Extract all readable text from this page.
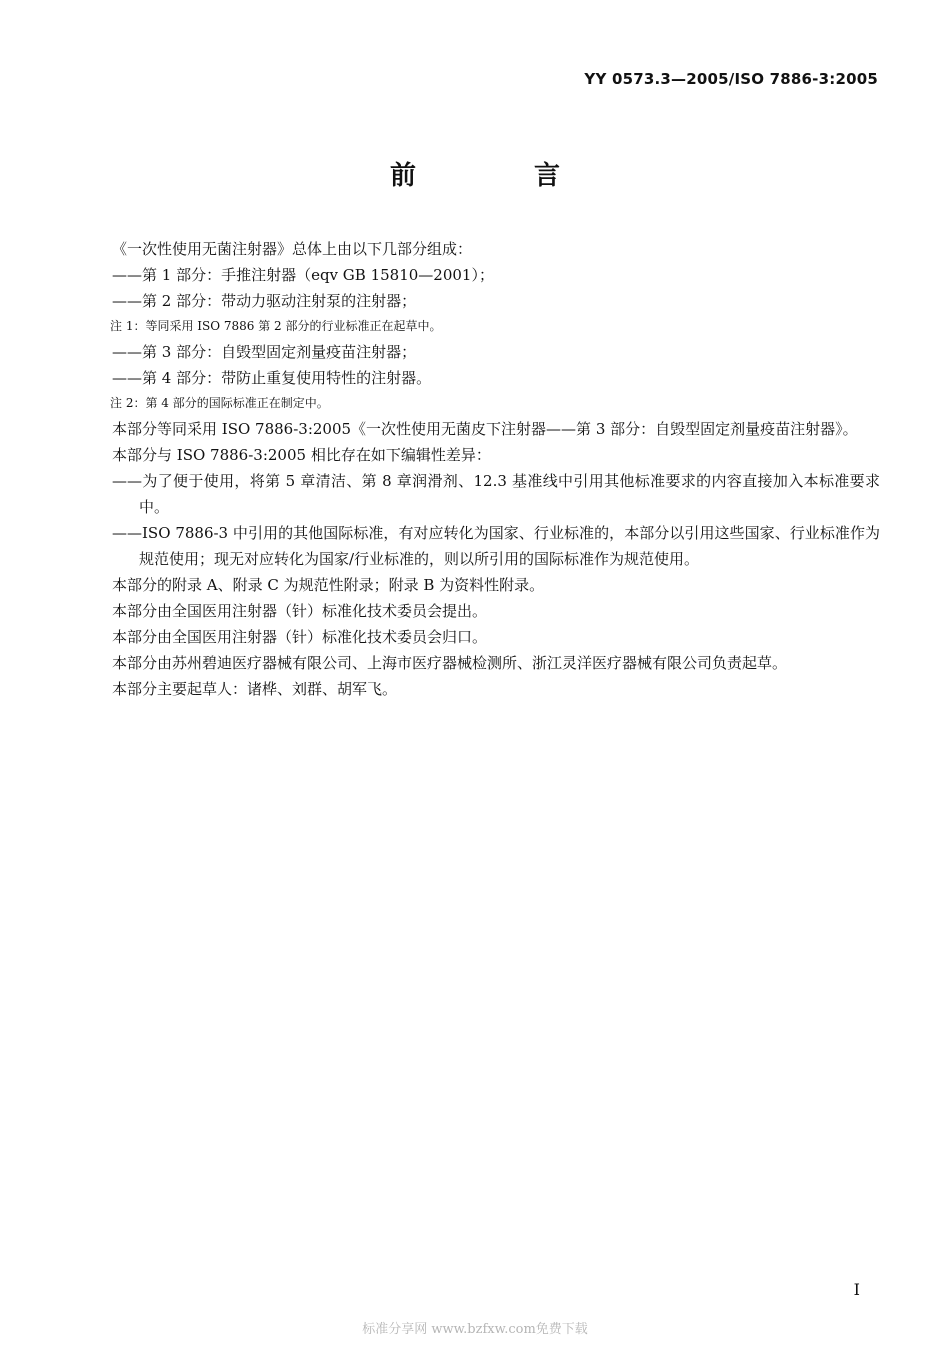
YY 0573.3—2005/ISO 7886-3:2005
前　言

《一次性使用无菌注射器》总体上由以下几部分组成：

——第 1 部分：手推注射器（eqv GB 15810—2001）；

——第 2 部分：带动力驱动注射泵的注射器；

注 1：等同采用 ISO 7886 第 2 部分的行业标准正在起草中。

——第 3 部分：自毁型固定剂量疫苗注射器；

——第 4 部分：带防止重复使用特性的注射器。

注 2：第 4 部分的国际标准正在制定中。

本部分等同采用 ISO 7886-3:2005《一次性使用无菌皮下注射器——第 3 部分：自毁型固定剂量疫苗注射器》。

本部分与 ISO 7886-3:2005 相比存在如下编辑性差异：

——为了便于使用，将第 5 章清洁、第 8 章润滑剂、12.3 基准线中引用其他标准要求的内容直接加入本标准要求中。

——ISO 7886-3 中引用的其他国际标准，有对应转化为国家、行业标准的，本部分以引用这些国家、行业标准作为规范使用；现无对应转化为国家/行业标准的，则以所引用的国际标准作为规范使用。

本部分的附录 A、附录 C 为规范性附录；附录 B 为资料性附录。

本部分由全国医用注射器（针）标准化技术委员会提出。

本部分由全国医用注射器（针）标准化技术委员会归口。

本部分由苏州碧迪医疗器械有限公司、上海市医疗器械检测所、浙江灵洋医疗器械有限公司负责起草。

本部分主要起草人：诸桦、刘群、胡军飞。

I
标准分享网 www.bzfxw.com免费下载
